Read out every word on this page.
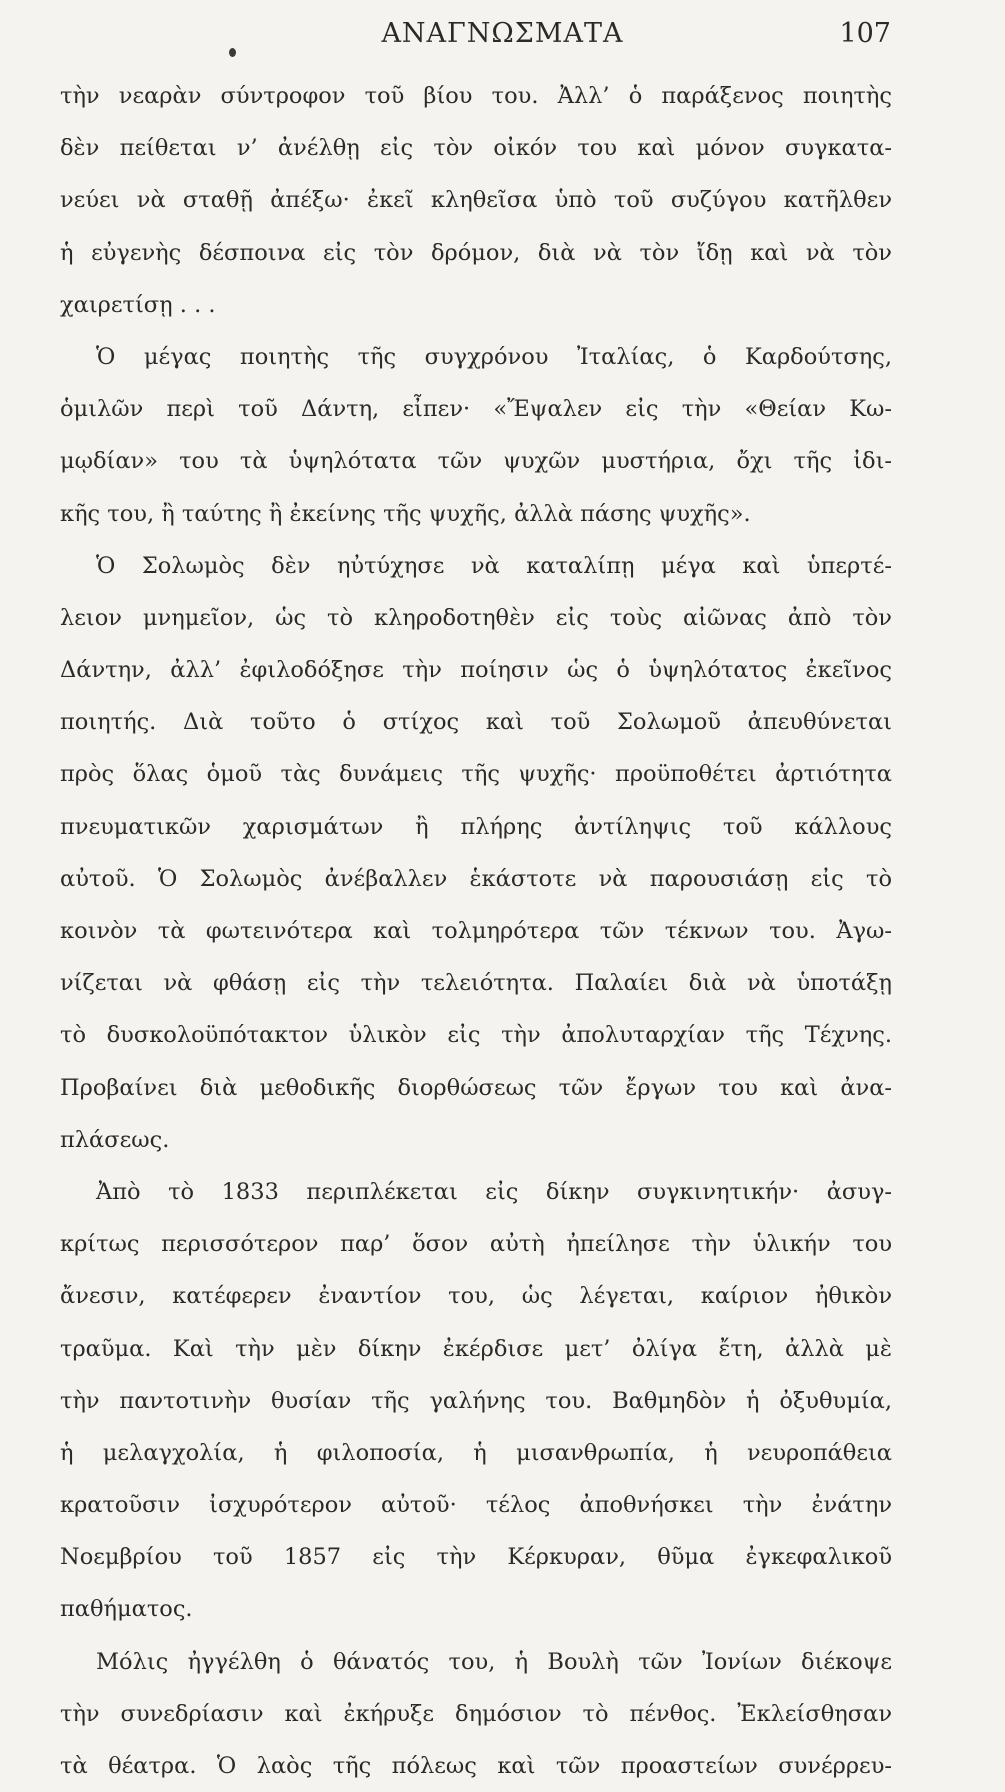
ΑΝΑΓΝΩΣΜΑΤΑ	107
τὴν νεαρὰν σύντροφον τοῦ βίου του. Ἀλλ’ ὁ παράξενος ποιητὴς
δὲν πείθεται ν’ ἀνέλθῃ εἰς τὸν οἰκόν του καὶ μόνον συγκατα-
νεύει νὰ σταθῇ ἀπέξω· ἐκεῖ κληθεῖσα ὑπὸ τοῦ συζύγου κατῆλθεν
ἡ εὐγενὴς δέσποινα εἰς τὸν δρόμον, διὰ νὰ τὸν ἴδῃ καὶ νὰ τὸν
χαιρετίσῃ . . .
Ὁ μέγας ποιητὴς τῆς συγχρόνου Ἰταλίας, ὁ Καρδούτσης,
ὁμιλῶν περὶ τοῦ Δάντη, εἶπεν· «Ἔψαλεν εἰς τὴν «Θείαν Κω-
μῳδίαν» του τὰ ὑψηλότατα τῶν ψυχῶν μυστήρια, ὄχι τῆς ἰδι-
κῆς του, ἢ ταύτης ἢ ἐκείνης τῆς ψυχῆς, ἀλλὰ πάσης ψυχῆς».
Ὁ Σολωμὸς δὲν ηὐτύχησε νὰ καταλίπῃ μέγα καὶ ὑπερτέ-
λειον μνημεῖον, ὡς τὸ κληροδοτηθὲν εἰς τοὺς αἰῶνας ἀπὸ τὸν
Δάντην, ἀλλ’ ἐφιλοδόξησε τὴν ποίησιν ὡς ὁ ὑψηλότατος ἐκεῖνος
ποιητής. Διὰ τοῦτο ὁ στίχος καὶ τοῦ Σολωμοῦ ἀπευθύνεται
πρὸς ὅλας ὁμοῦ τὰς δυνάμεις τῆς ψυχῆς· προϋποθέτει ἀρτιότητα
πνευματικῶν χαρισμάτων ἢ πλήρης ἀντίληψις τοῦ κάλλους
αὐτοῦ. Ὁ Σολωμὸς ἀνέβαλλεν ἑκάστοτε νὰ παρουσιάσῃ εἰς τὸ
κοινὸν τὰ φωτεινότερα καὶ τολμηρότερα τῶν τέκνων του. Ἀγω-
νίζεται νὰ φθάσῃ εἰς τὴν τελειότητα. Παλαίει διὰ νὰ ὑποτάξῃ
τὸ δυσκολοϋπότακτον ὑλικὸν εἰς τὴν ἀπολυταρχίαν τῆς Τέχνης.
Προβαίνει διὰ μεθοδικῆς διορθώσεως τῶν ἔργων του καὶ ἀνα-
πλάσεως.
Ἀπὸ τὸ 1833 περιπλέκεται εἰς δίκην συγκινητικήν· ἀσυγ-
κρίτως περισσότερον παρ’ ὅσον αὐτὴ ἠπείλησε τὴν ὑλικήν του
ἄνεσιν, κατέφερεν ἐναντίον του, ὡς λέγεται, καίριον ἠθικὸν
τραῦμα. Καὶ τὴν μὲν δίκην ἐκέρδισε μετ’ ὀλίγα ἔτη, ἀλλὰ μὲ
τὴν παντοτινὴν θυσίαν τῆς γαλήνης του. Βαθμηδὸν ἡ ὀξυθυμία,
ἡ μελαγχολία, ἡ φιλοποσία, ἡ μισανθρωπία, ἡ νευροπάθεια
κρατοῦσιν ἰσχυρότερον αὐτοῦ· τέλος ἀποθνήσκει τὴν ἐνάτην
Νοεμβρίου τοῦ 1857 εἰς τὴν Κέρκυραν, θῦμα ἐγκεφαλικοῦ
παθήματος.
Μόλις ἠγγέλθη ὁ θάνατός του, ἡ Βουλὴ τῶν Ἰονίων διέκοψε
τὴν συνεδρίασιν καὶ ἐκήρυξε δημόσιον τὸ πένθος. Ἐκλείσθησαν
τὰ θέατρα. Ὁ λαὸς τῆς πόλεως καὶ τῶν προαστείων συνέρρευ-
